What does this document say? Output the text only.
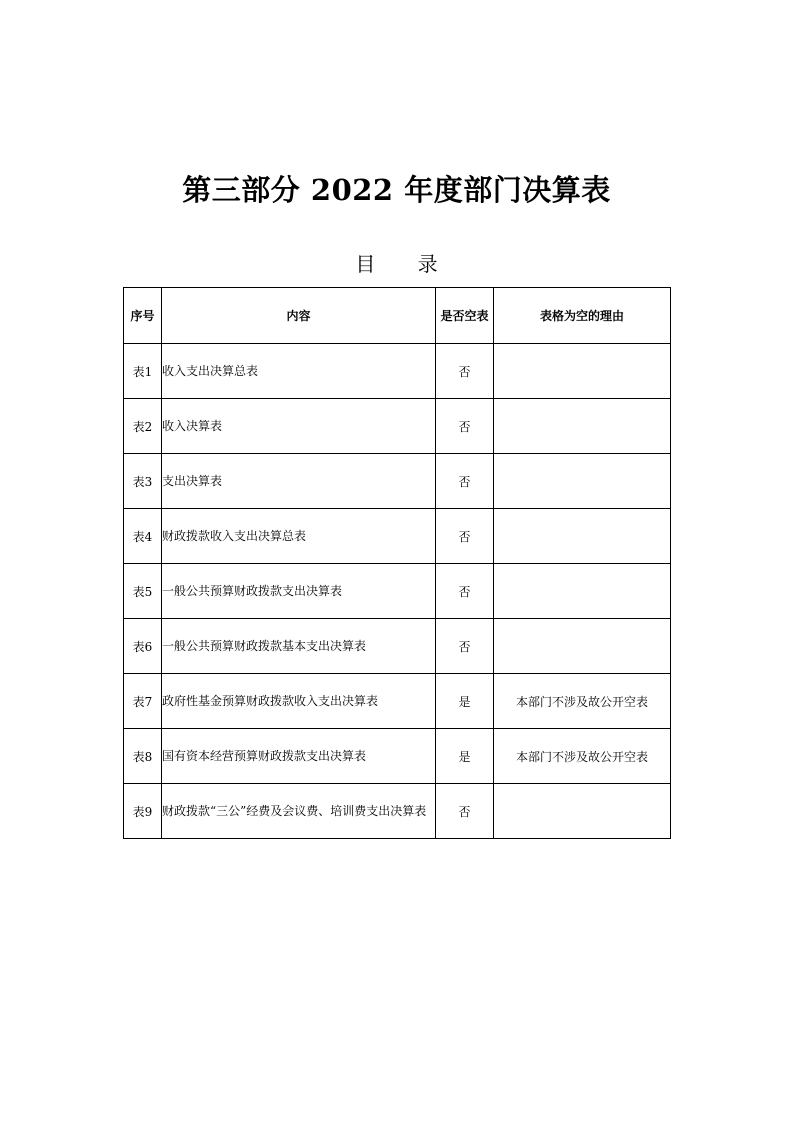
第三部分 2022 年度部门决算表
目 录
序号	内容	是否空表	表格为空的理由
表1	收入支出决算总表	否	
表2	收入决算表	否	
表3	支出决算表	否	
表4	财政拨款收入支出决算总表	否	
表5	一般公共预算财政拨款支出决算表	否	
表6	一般公共预算财政拨款基本支出决算表	否	
表7	政府性基金预算财政拨款收入支出决算表	是	本部门不涉及故公开空表
表8	国有资本经营预算财政拨款支出决算表	是	本部门不涉及故公开空表
表9	财政拨款“三公”经费及会议费、培训费支出决算表	否	
